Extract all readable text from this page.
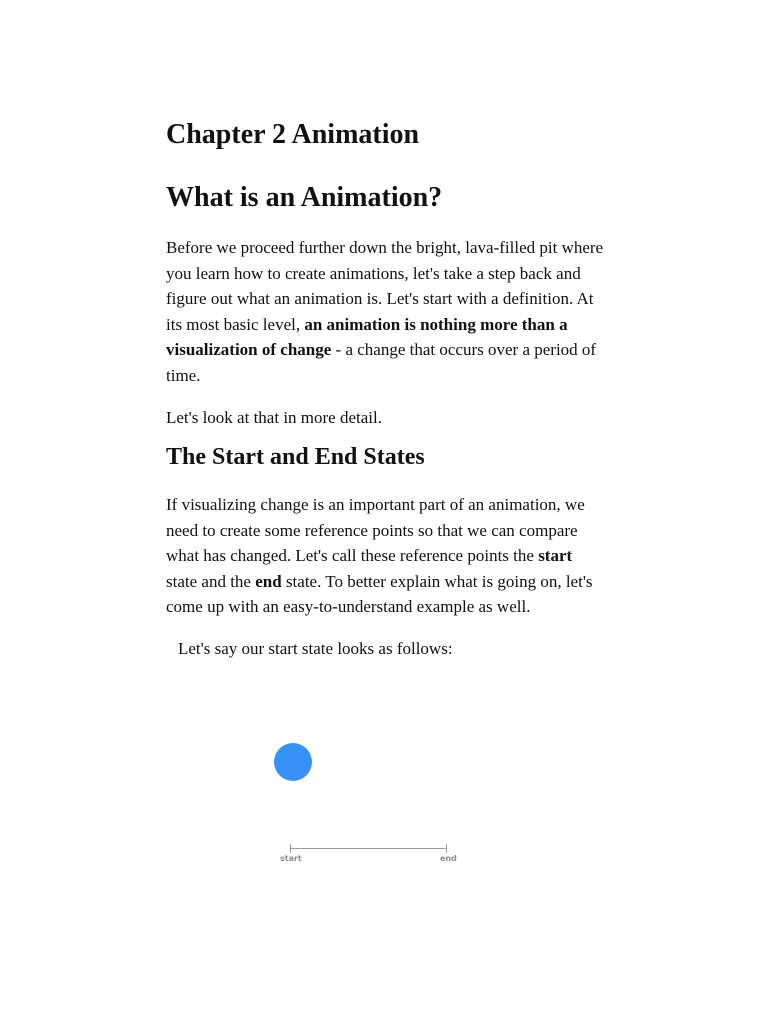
Chapter 2 Animation
What is an Animation?

Before we proceed further down the bright, lava-filled pit where you learn how to create animations, let's take a step back and figure out what an animation is. Let's start with a definition. At its most basic level, an animation is nothing more than a visualization of change - a change that occurs over a period of time.

Let's look at that in more detail.

The Start and End States

If visualizing change is an important part of an animation, we need to create some reference points so that we can compare what has changed. Let's call these reference points the start state and the end state. To better explain what is going on, let's come up with an easy-to-understand example as well.

Let's say our start state looks as follows:

start	end
